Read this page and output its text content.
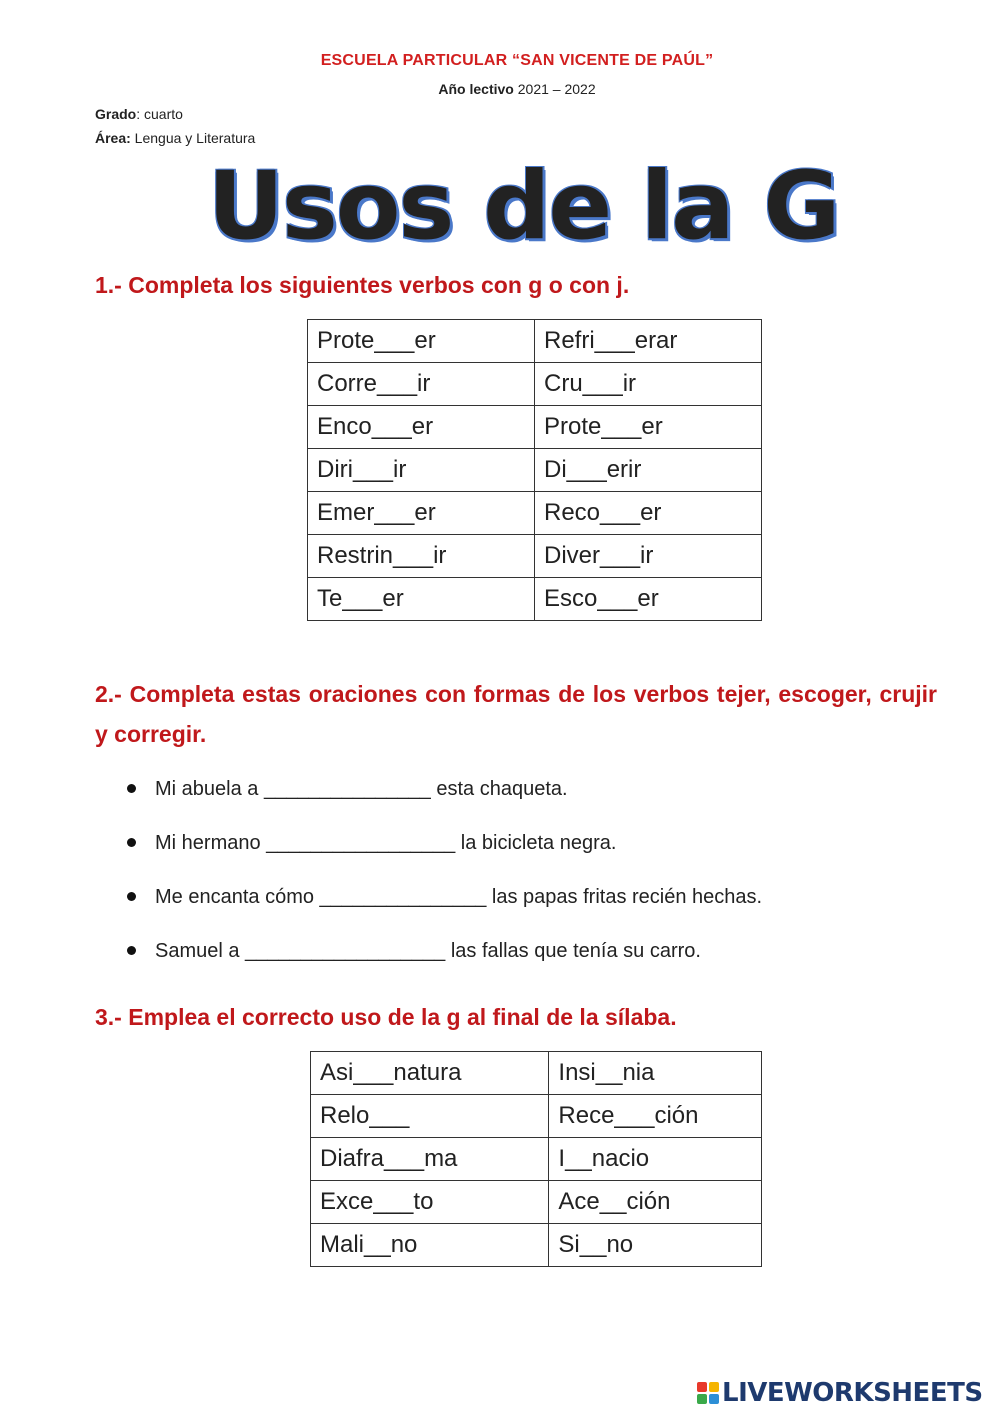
ESCUELA PARTICULAR “SAN VICENTE DE PAÚL”
Año lectivo 2021 – 2022
Grado: cuarto
Área: Lengua y Literatura
Usos de la G
1.- Completa los siguientes verbos con g o con j.
Prote___er	Refri___erar
Corre___ir	Cru___ir
Enco___er	Prote___er
Diri___ir	Di___erir
Emer___er	Reco___er
Restrin___ir	Diver___ir
Te___er	Esco___er
2.- Completa estas oraciones con formas de los verbos tejer, escoger, crujir y corregir.
Mi abuela a _______________ esta chaqueta.
Mi hermano _________________ la bicicleta negra.
Me encanta cómo _______________ las papas fritas recién hechas.
Samuel a __________________ las fallas que tenía su carro.
3.- Emplea el correcto uso de la g al final de la sílaba.
Asi___natura	Insi__nia
Relo___	Rece___ción
Diafra___ma	I__nacio
Exce___to	Ace__ción
Mali__no	Si__no
LIVEWORKSHEETS
